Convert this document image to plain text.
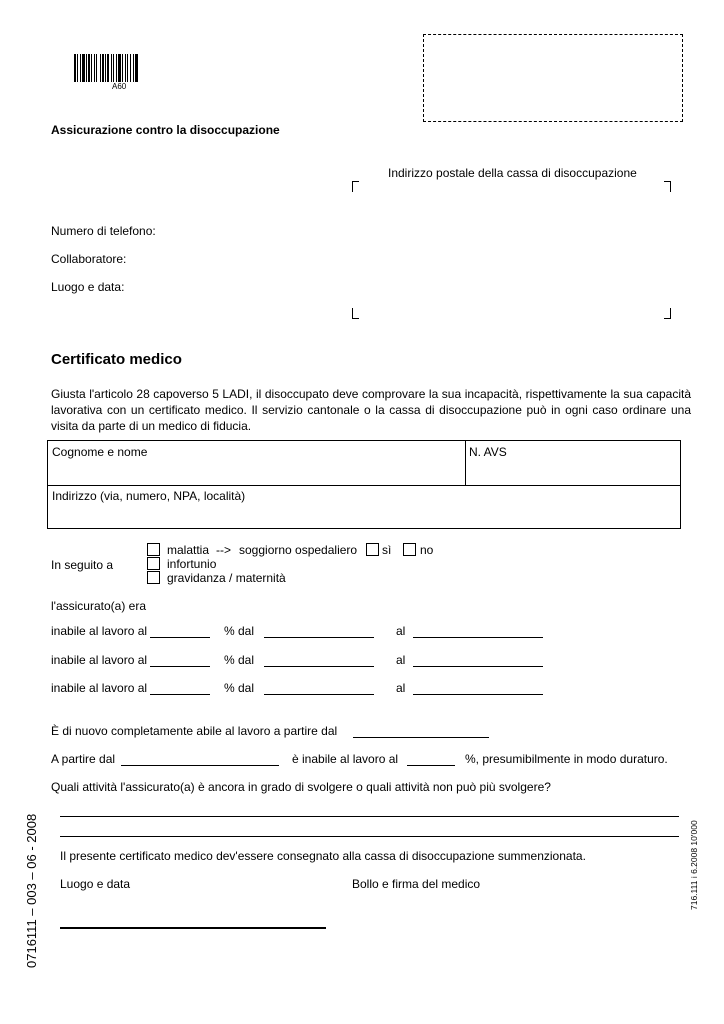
A60
Assicurazione contro la disoccupazione
Indirizzo postale della cassa di disoccupazione
Numero di telefono:
Collaboratore:
Luogo e data:
Certificato medico
Giusta l'articolo 28 capoverso 5 LADI, il disoccupato deve comprovare la sua incapacità, rispettivamente la sua capacità lavorativa con un certificato medico. Il servizio cantonale o la cassa di disoccupazione può in ogni caso ordinare una visita da parte di un medico di fiducia.
Cognome e nome	N. AVS
Indirizzo (via, numero, NPA, località)
In seguito a
malattia --> soggiorno ospedaliero sì no
infortunio
gravidanza / maternità
l'assicurato(a) era
inabile al lavoro al	% dal	al
inabile al lavoro al	% dal	al
inabile al lavoro al	% dal	al
È di nuovo completamente abile al lavoro a partire dal
A partire dal	è inabile al lavoro al	%, presumibilmente in modo duraturo.
Quali attività l'assicurato(a) è ancora in grado di svolgere o quali attività non può più svolgere?
Il presente certificato medico dev'essere consegnato alla cassa di disoccupazione summenzionata.
Luogo e data	Bollo e firma del medico
0716111 – 003 – 06 - 2008	716.111 i 6.2008 10'000
